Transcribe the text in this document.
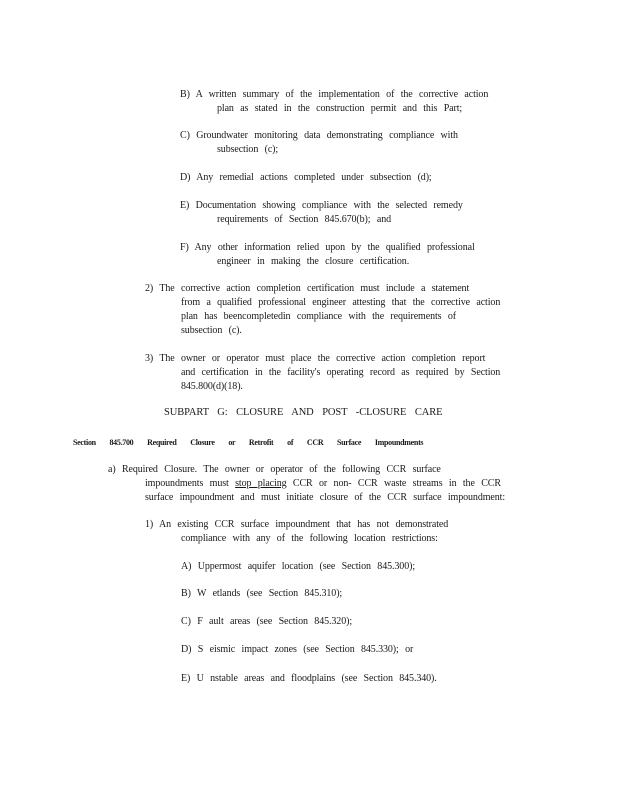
B) A written summary of the implementation of the corrective action
plan as stated in the construction permit and this Part;
C) Groundwater monitoring data demonstrating compliance with
subsection (c);
D) Any remedial actions completed under subsection (d);
E) Documentation showing compliance with the selected remedy
requirements of Section 845.670(b); and
F) Any other information relied upon by the qualified professional
engineer in making the closure certification.
2) The corrective action completion certification must include a statement
from a qualified professional engineer attesting that the corrective action
plan has beencompletedin compliance with the requirements of
subsection (c).
3) The owner or operator must place the corrective action completion report
and certification in the facility's operating record as required by Section
845.800(d)(18).
SUBPART G: CLOSURE AND POST -CLOSURE CARE
Section 845.700 Required Closure or Retrofit of CCR Surface Impoundments
a) Required Closure. The owner or operator of the following CCR surface
impoundments must stop placing CCR or non- CCR waste streams in the CCR
surface impoundment and must initiate closure of the CCR surface impoundment:
1) An existing CCR surface impoundment that has not demonstrated
compliance with any of the following location restrictions:
A) Uppermost aquifer location (see Section 845.300);
B) W etlands (see Section 845.310);
C) F ault areas (see Section 845.320);
D) S eismic impact zones (see Section 845.330); or
E) U nstable areas and floodplains (see Section 845.340).
